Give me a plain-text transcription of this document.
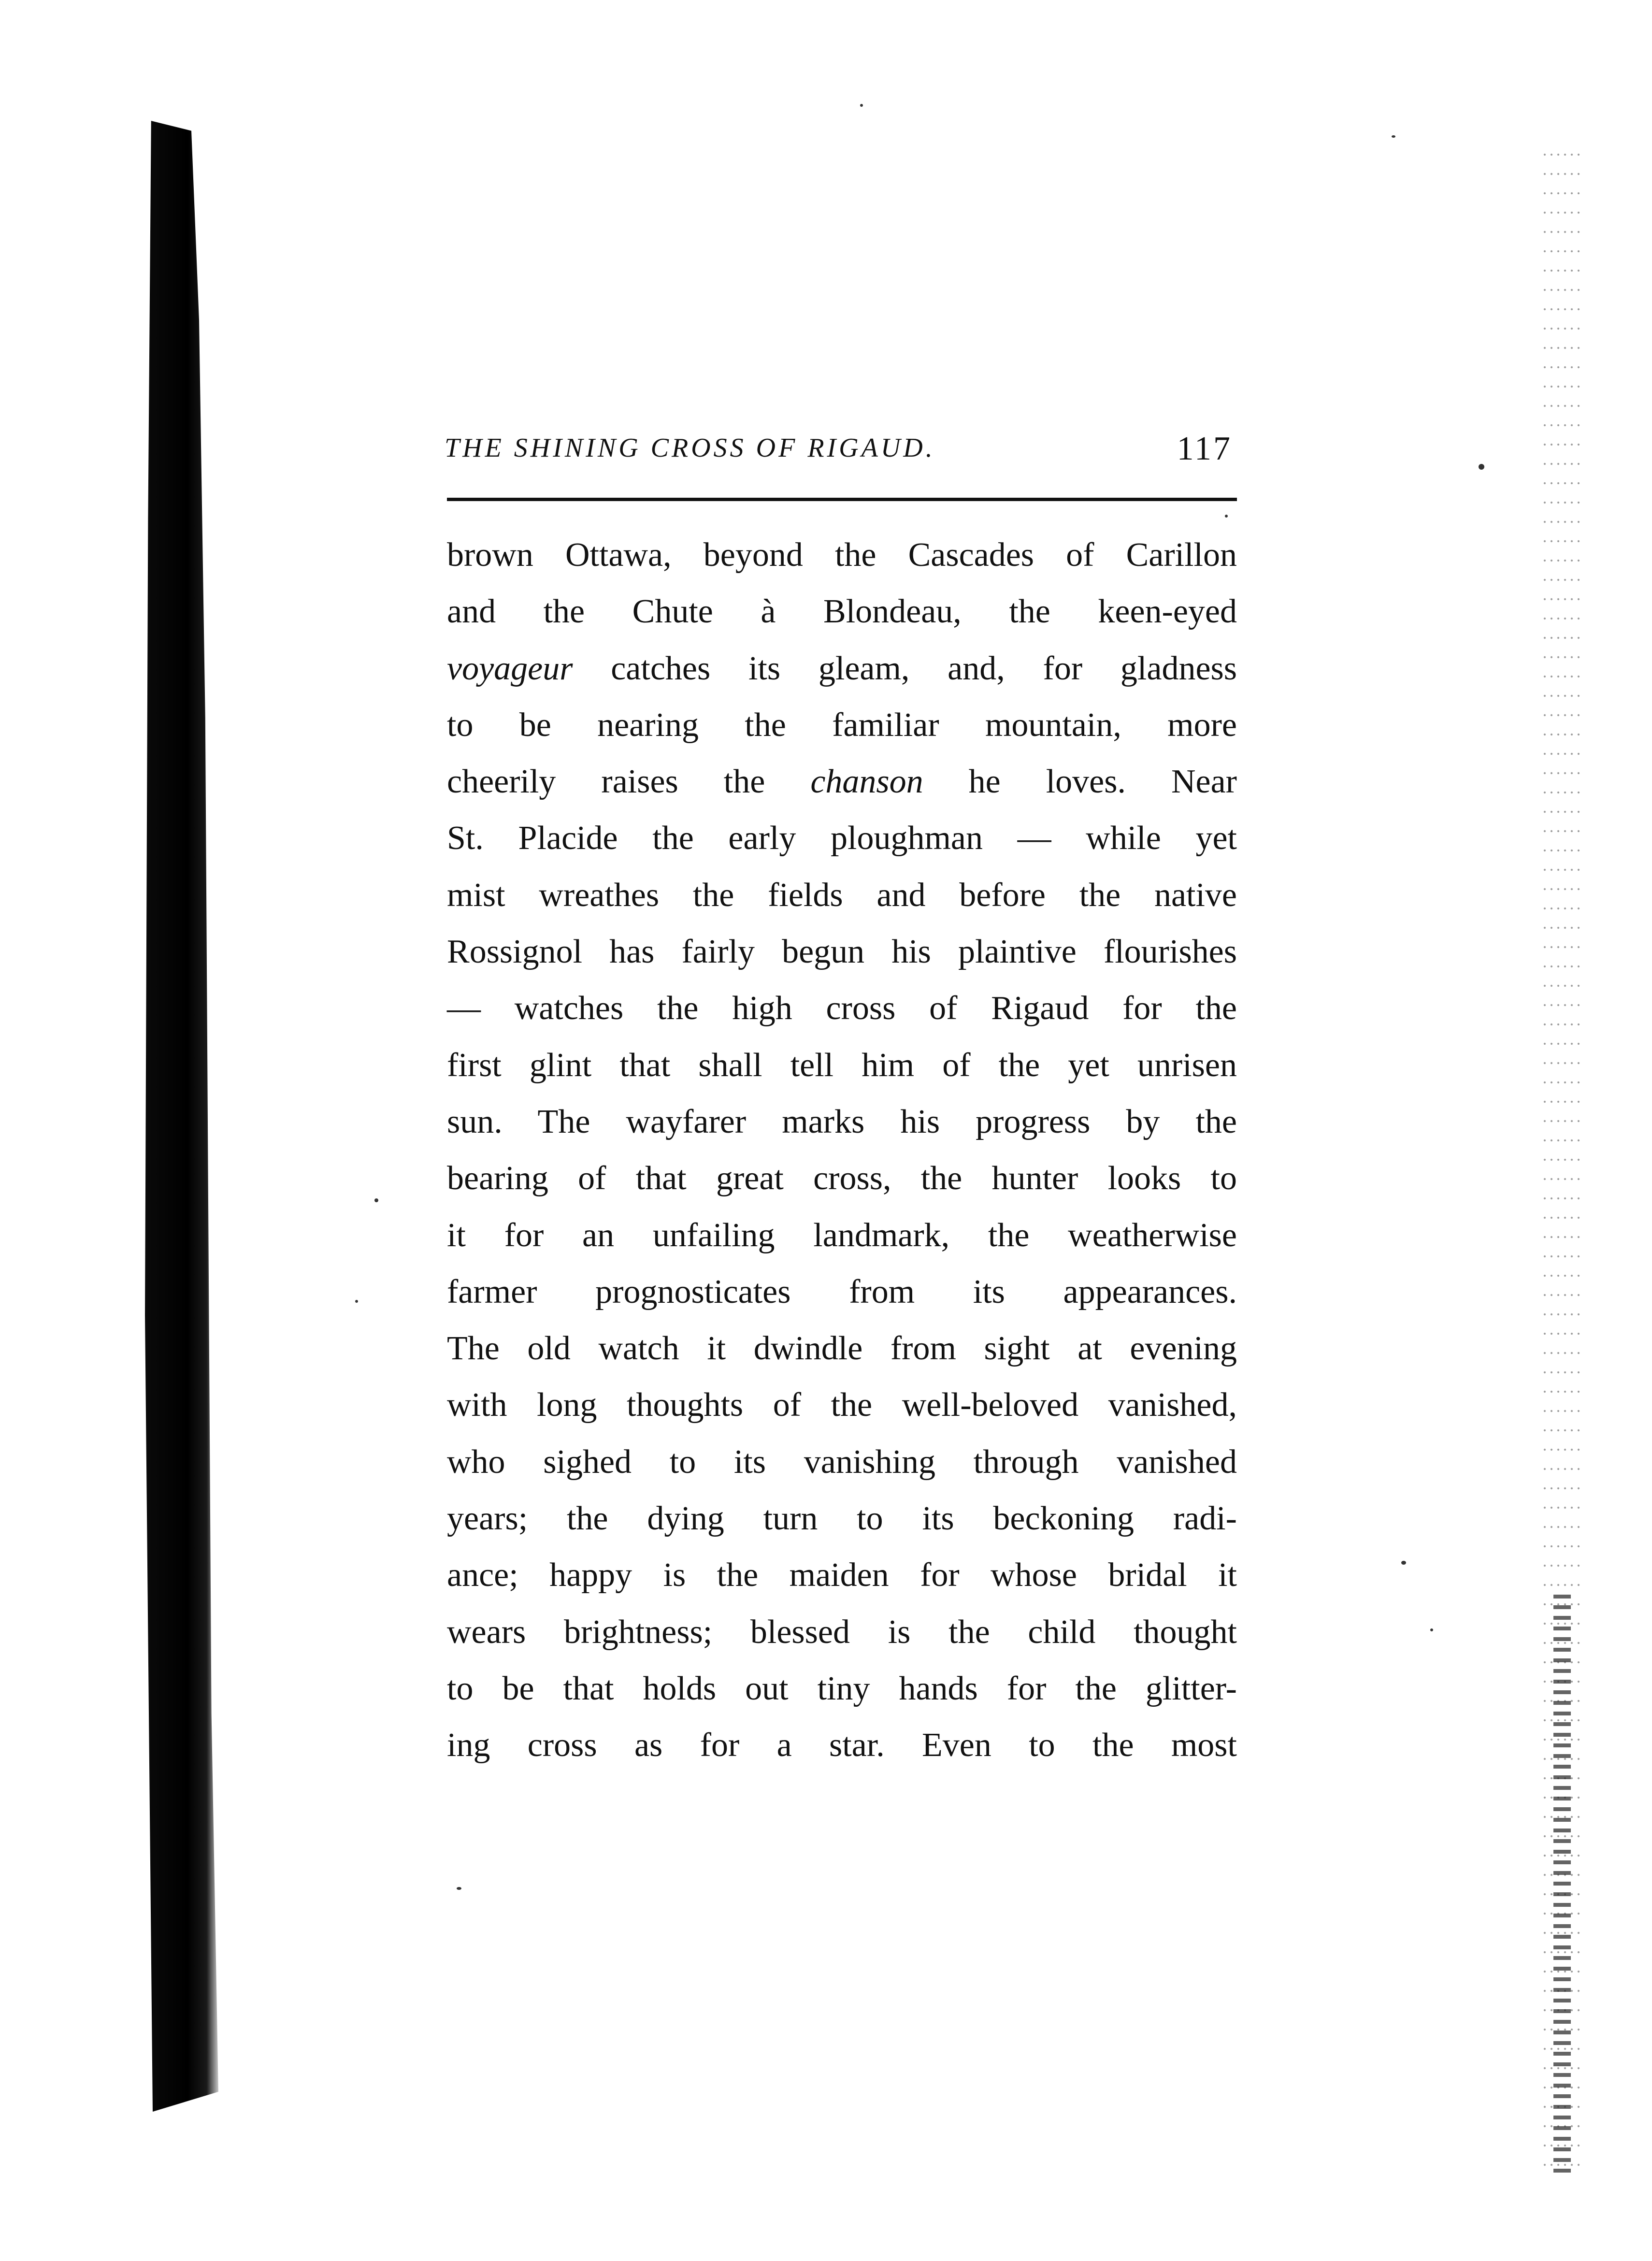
THE SHINING CROSS OF RIGAUD.	117
brown Ottawa, beyond the Cascades of Carillon
and the Chute à Blondeau, the keen-eyed
voyageur catches its gleam, and, for gladness
to be nearing the familiar mountain, more
cheerily raises the chanson he loves. Near
St. Placide the early ploughman — while yet
mist wreathes the fields and before the native
Rossignol has fairly begun his plaintive flourishes
— watches the high cross of Rigaud for the
first glint that shall tell him of the yet unrisen
sun. The wayfarer marks his progress by the
bearing of that great cross, the hunter looks to
it for an unfailing landmark, the weatherwise
farmer prognosticates from its appearances.
The old watch it dwindle from sight at evening
with long thoughts of the well-beloved vanished,
who sighed to its vanishing through vanished
years; the dying turn to its beckoning radi-
ance; happy is the maiden for whose bridal it
wears brightness; blessed is the child thought
to be that holds out tiny hands for the glitter-
ing cross as for a star. Even to the most
